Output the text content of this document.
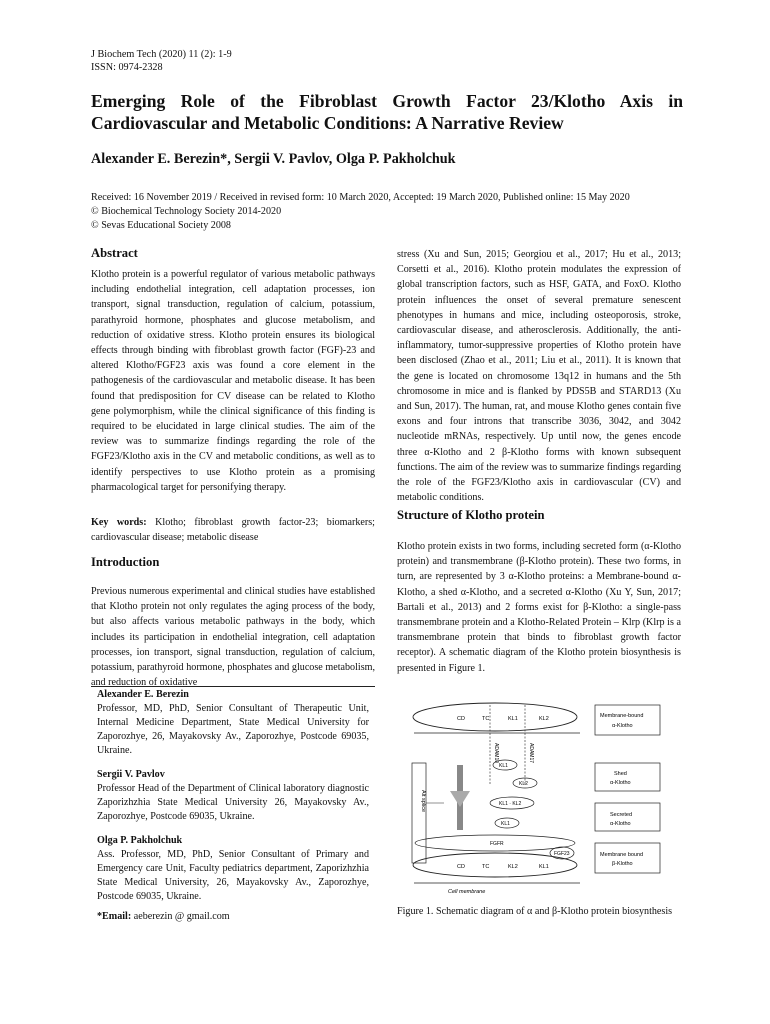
J Biochem Tech (2020) 11 (2): 1-9
ISSN: 0974-2328
Emerging Role of the Fibroblast Growth Factor 23/Klotho Axis in Cardiovascular and Metabolic Conditions: A Narrative Review
Alexander E. Berezin*, Sergii V. Pavlov, Olga P. Pakholchuk
Received: 16 November 2019 / Received in revised form: 10 March 2020, Accepted: 19 March 2020, Published online: 15 May 2020
© Biochemical Technology Society 2014-2020
© Sevas Educational Society 2008
Abstract
Klotho protein is a powerful regulator of various metabolic pathways including endothelial integration, cell adaptation processes, ion transport, signal transduction, regulation of calcium, potassium, parathyroid hormone, phosphates and glucose metabolism, and reduction of oxidative stress. Klotho protein ensures its biological effects through binding with fibroblast growth factor (FGF)-23 and altered Klotho/FGF23 axis was found a core element in the pathogenesis of the cardiovascular and metabolic disease. It has been found that predisposition for CV disease can be related to Klotho gene polymorphism, while the clinical significance of this finding is required to be elucidated in large clinical studies. The aim of the review was to summarize findings regarding the role of the FGF23/Klotho axis in the CV and metabolic conditions, as well as to identify perspectives to use Klotho protein as a promising pharmacological target for personifying therapy.
Key words: Klotho; fibroblast growth factor-23; biomarkers; cardiovascular disease; metabolic disease
Introduction
Previous numerous experimental and clinical studies have established that Klotho protein not only regulates the aging process of the body, but also affects various metabolic pathways in the body, which includes its participation in endothelial integration, cell adaptation processes, ion transport, signal transduction, regulation of calcium, potassium, parathyroid hormone, phosphates and glucose metabolism, and reduction of oxidative
Alexander E. Berezin
Professor, MD, PhD, Senior Consultant of Therapeutic Unit, Internal Medicine Department, State Medical University for Zaporozhye, 26, Mayakovsky Av., Zaporozhye, Postcode 69035, Ukraine.
Sergii V. Pavlov
Professor Head of the Department of Clinical laboratory diagnostic Zaporizhzhia State Medical University 26, Mayakovsky Av., Zaporozhye, Postcode 69035, Ukraine.
Olga P. Pakholchuk
Ass. Professor, MD, PhD, Senior Consultant of Primary and Emergency care Unit, Faculty pediatrics department, Zaporizhzhia State Medical University, 26, Mayakovsky Av., Zaporozhye, Postcode 69035, Ukraine.
*Email: aeberezin @ gmail.com
stress (Xu and Sun, 2015; Georgiou et al., 2017; Hu et al., 2013; Corsetti et al., 2016). Klotho protein modulates the expression of global transcription factors, such as HSF, GATA, and FoxO. Klotho protein influences the onset of several premature senescent phenotypes in humans and mice, including osteoporosis, stroke, cardiovascular disease, and atherosclerosis. Additionally, the anti-inflammatory, tumor-suppressive properties of Klotho protein have been disclosed (Zhao et al., 2011; Liu et al., 2011). It is known that the gene is located on chromosome 13q12 in humans and the 5th chromosome in mice and is flanked by PDS5B and STARD13 (Xu and Sun, 2017). The human, rat, and mouse Klotho genes contain five exons and four introns that transcribe 3036, 3042, and 3042 nucleotide mRNAs, respectively. Up until now, the genes encode three α-Klotho and 2 β-Klotho forms with known subsequent functions. The aim of the review was to summarize findings regarding the role of the FGF23/Klotho axis in cardiovascular (CV) and metabolic conditions.
Structure of Klotho protein
Klotho protein exists in two forms, including secreted form (α-Klotho protein) and transmembrane (β-Klotho protein). These two forms, in turn, are represented by 3 α-Klotho proteins: a Membrane-bound α-Klotho, a shed α-Klotho, and a secreted α-Klotho (Xu Y, Sun, 2017; Bartali et al., 2013) and 2 forms exist for β-Klotho: a single-pass transmembrane protein and a Klotho-Related Protein – Klrp (Klrp is a transmembrane protein that binds to fibroblast growth factor receptor). A schematic diagram of the Klotho protein biosynthesis is presented in Figure 1.
CD	TC	KL1	KL2
ADAM10	ADAM17
KL1
KL2
KL1 · KL2
KL1
Alt splice
Membrane-bound
α-Klotho
Shed
α-Klotho
Secreted
α-Klotho
Membrane bound
β-Klotho
FGFR
FGF23
CD	TC	KL2	KL1
Cell membrane
Figure 1. Schematic diagram of α and β-Klotho protein biosynthesis
